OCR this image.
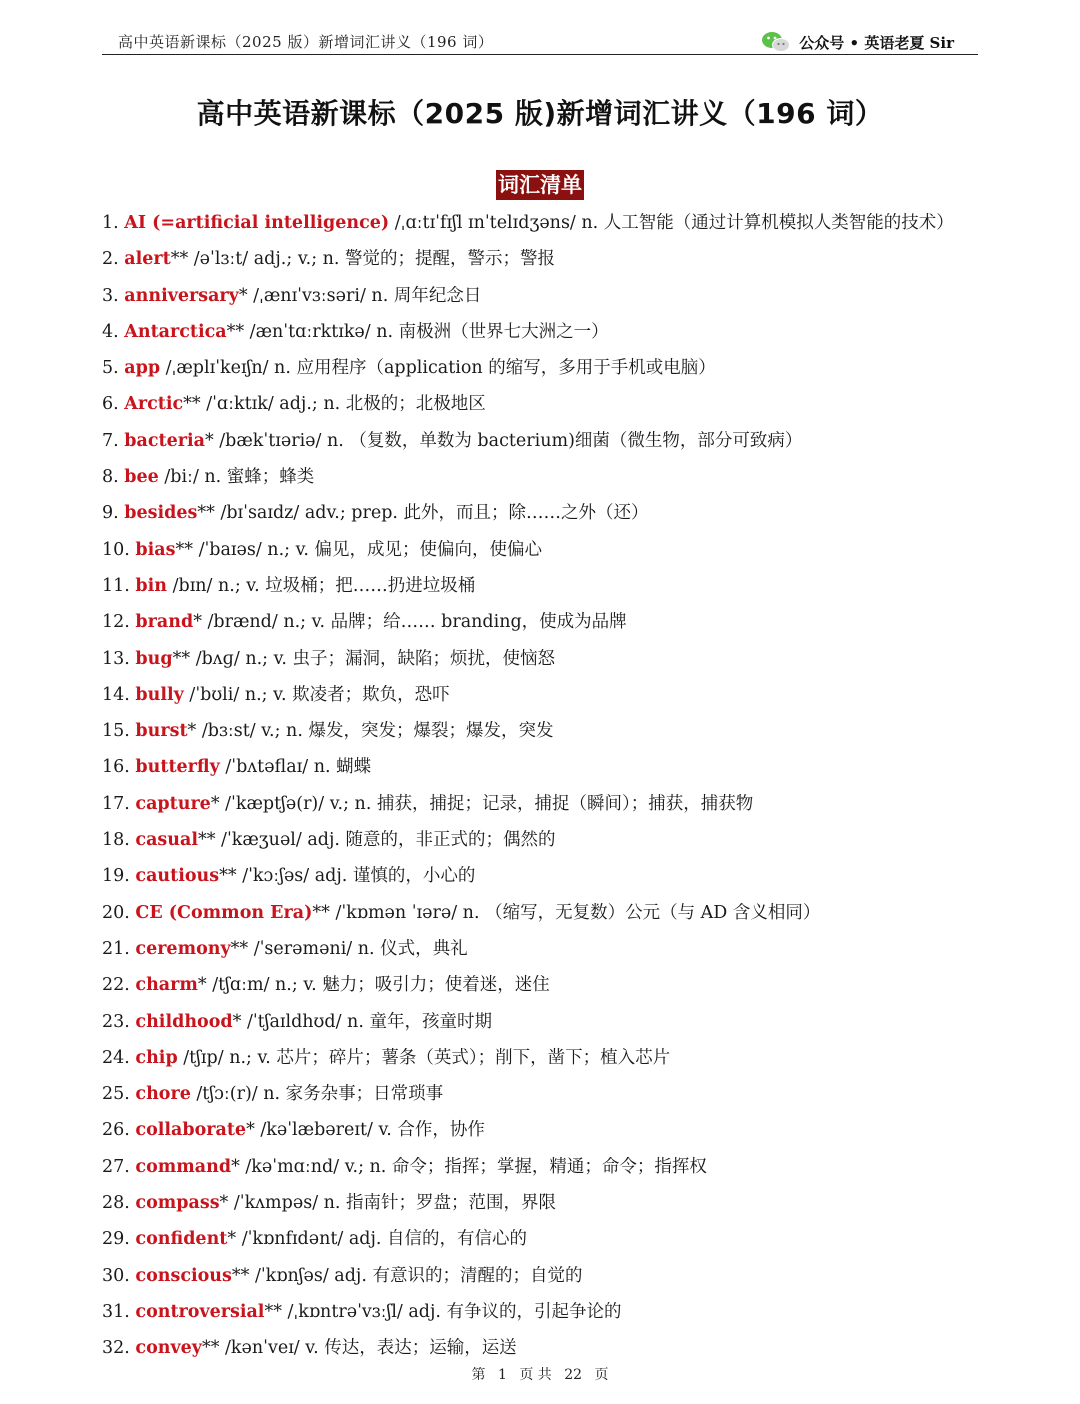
高中英语新课标（2025 版）新增词汇讲义（196 词）	公众号 • 英语老夏 Sir
高中英语新课标（2025 版)新增词汇讲义（196 词）
词汇清单
1. AI (=artificial intelligence) /ˌɑːtɪˈfɪʃl ɪnˈtelɪdʒəns/ n. 人工智能（通过计算机模拟人类智能的技术）
2. alert** /əˈlɜːt/ adj.; v.; n. 警觉的；提醒，警示；警报
3. anniversary* /ˌænɪˈvɜːsəri/ n. 周年纪念日
4. Antarctica** /ænˈtɑːrktɪkə/ n. 南极洲（世界七大洲之一）
5. app /ˌæplɪˈkeɪʃn/ n. 应用程序（application 的缩写，多用于手机或电脑）
6. Arctic** /ˈɑːktɪk/ adj.; n. 北极的；北极地区
7. bacteria* /bækˈtɪəriə/ n. （复数，单数为 bacterium)细菌（微生物，部分可致病）
8. bee /biː/ n. 蜜蜂；蜂类
9. besides** /bɪˈsaɪdz/ adv.; prep. 此外，而且；除……之外（还）
10. bias** /ˈbaɪəs/ n.; v. 偏见，成见；使偏向，使偏心
11. bin /bɪn/ n.; v. 垃圾桶；把……扔进垃圾桶
12. brand* /brænd/ n.; v. 品牌；给…… branding，使成为品牌
13. bug** /bʌɡ/ n.; v. 虫子；漏洞，缺陷；烦扰，使恼怒
14. bully /ˈbʊli/ n.; v. 欺凌者；欺负，恐吓
15. burst* /bɜːst/ v.; n. 爆发，突发；爆裂；爆发，突发
16. butterfly /ˈbʌtəflaɪ/ n. 蝴蝶
17. capture* /ˈkæptʃə(r)/ v.; n. 捕获，捕捉；记录，捕捉（瞬间）；捕获，捕获物
18. casual** /ˈkæʒuəl/ adj. 随意的，非正式的；偶然的
19. cautious** /ˈkɔːʃəs/ adj. 谨慎的，小心的
20. CE (Common Era)** /ˈkɒmən ˈɪərə/ n. （缩写，无复数）公元（与 AD 含义相同）
21. ceremony** /ˈserəməni/ n. 仪式，典礼
22. charm* /tʃɑːm/ n.; v. 魅力；吸引力；使着迷，迷住
23. childhood* /ˈtʃaɪldhʊd/ n. 童年，孩童时期
24. chip /tʃɪp/ n.; v. 芯片；碎片；薯条（英式）；削下，凿下；植入芯片
25. chore /tʃɔː(r)/ n. 家务杂事；日常琐事
26. collaborate* /kəˈlæbəreɪt/ v. 合作，协作
27. command* /kəˈmɑːnd/ v.; n. 命令；指挥；掌握，精通；命令；指挥权
28. compass* /ˈkʌmpəs/ n. 指南针；罗盘；范围，界限
29. confident* /ˈkɒnfɪdənt/ adj. 自信的，有信心的
30. conscious** /ˈkɒnʃəs/ adj. 有意识的；清醒的；自觉的
31. controversial** /ˌkɒntrəˈvɜːʃl/ adj. 有争议的，引起争论的
32. convey** /kənˈveɪ/ v. 传达，表达；运输，运送
第 1 页 共 22 页
